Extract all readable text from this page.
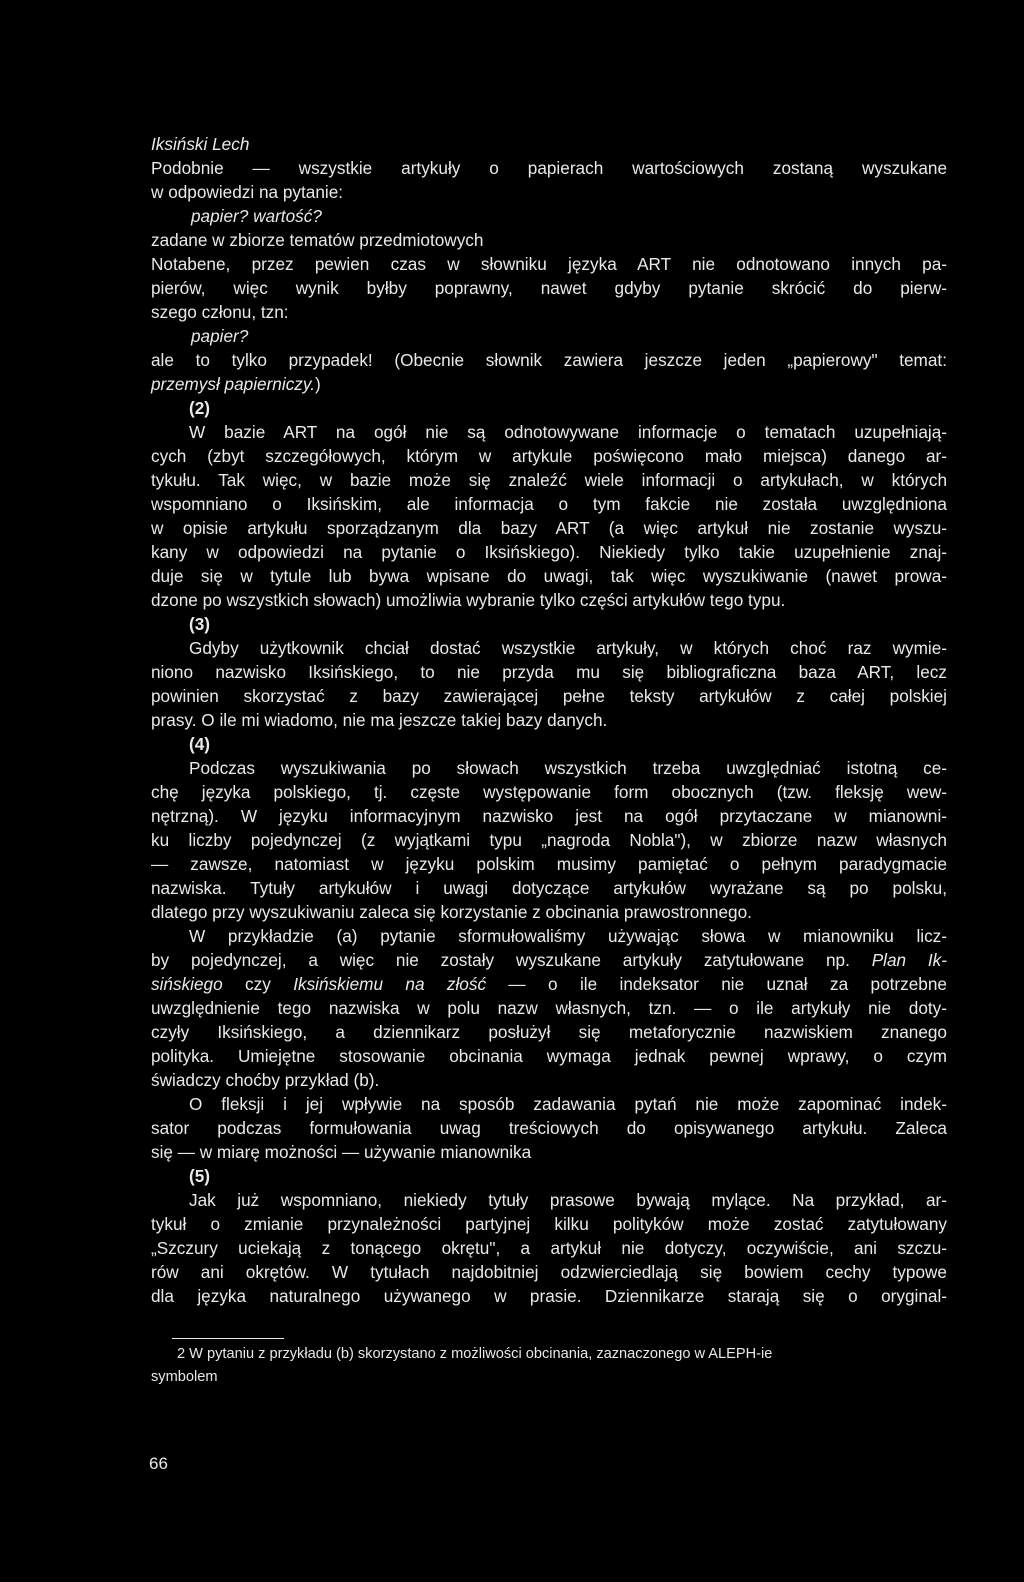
Iksiński Lech
Podobnie — wszystkie artykuły o papierach wartościowych zostaną wyszukane
w odpowiedzi na pytanie:
papier? wartość?
zadane w zbiorze tematów przedmiotowych
Notabene, przez pewien czas w słowniku języka ART nie odnotowano innych pa-
pierów, więc wynik byłby poprawny, nawet gdyby pytanie skrócić do pierw-
szego członu, tzn:
papier?
ale to tylko przypadek! (Obecnie słownik zawiera jeszcze jeden „papierowy" temat:
przemysł papierniczy.)
(2)
W bazie ART na ogół nie są odnotowywane informacje o tematach uzupełniają-
cych (zbyt szczegółowych, którym w artykule poświęcono mało miejsca) danego ar-
tykułu. Tak więc, w bazie może się znaleźć wiele informacji o artykułach, w których
wspomniano o Iksińskim, ale informacja o tym fakcie nie została uwzględniona
w opisie artykułu sporządzanym dla bazy ART (a więc artykuł nie zostanie wyszu-
kany w odpowiedzi na pytanie o Iksińskiego). Niekiedy tylko takie uzupełnienie znaj-
duje się w tytule lub bywa wpisane do uwagi, tak więc wyszukiwanie (nawet prowa-
dzone po wszystkich słowach) umożliwia wybranie tylko części artykułów tego typu.
(3)
Gdyby użytkownik chciał dostać wszystkie artykuły, w których choć raz wymie-
niono nazwisko Iksińskiego, to nie przyda mu się bibliograficzna baza ART, lecz
powinien skorzystać z bazy zawierającej pełne teksty artykułów z całej polskiej
prasy. O ile mi wiadomo, nie ma jeszcze takiej bazy danych.
(4)
Podczas wyszukiwania po słowach wszystkich trzeba uwzględniać istotną ce-
chę języka polskiego, tj. częste występowanie form obocznych (tzw. fleksję wew-
nętrzną). W języku informacyjnym nazwisko jest na ogół przytaczane w mianowni-
ku liczby pojedynczej (z wyjątkami typu „nagroda Nobla"), w zbiorze nazw własnych
— zawsze, natomiast w języku polskim musimy pamiętać o pełnym paradygmacie
nazwiska. Tytuły artykułów i uwagi dotyczące artykułów wyrażane są po polsku,
dlatego przy wyszukiwaniu zaleca się korzystanie z obcinania prawostronnego.
W przykładzie (a) pytanie sformułowaliśmy używając słowa w mianowniku licz-
by pojedynczej, a więc nie zostały wyszukane artykuły zatytułowane np. Plan Ik-
sińskiego czy Iksińskiemu na złość — o ile indeksator nie uznał za potrzebne
uwzględnienie tego nazwiska w polu nazw własnych, tzn. — o ile artykuły nie doty-
czyły Iksińskiego, a dziennikarz posłużył się metaforycznie nazwiskiem znanego
polityka. Umiejętne stosowanie obcinania wymaga jednak pewnej wprawy, o czym
świadczy choćby przykład (b).
O fleksji i jej wpływie na sposób zadawania pytań nie może zapominać indek-
sator podczas formułowania uwag treściowych do opisywanego artykułu. Zaleca
się — w miarę możności — używanie mianownika
(5)
Jak już wspomniano, niekiedy tytuły prasowe bywają mylące. Na przykład, ar-
tykuł o zmianie przynależności partyjnej kilku polityków może zostać zatytułowany
„Szczury uciekają z tonącego okrętu", a artykuł nie dotyczy, oczywiście, ani szczu-
rów ani okrętów. W tytułach najdobitniej odzwierciedlają się bowiem cechy typowe
dla języka naturalnego używanego w prasie. Dziennikarze starają się o oryginal-
2 W pytaniu z przykładu (b) skorzystano z możliwości obcinania, zaznaczonego w ALEPH-ie
symbolem
66
